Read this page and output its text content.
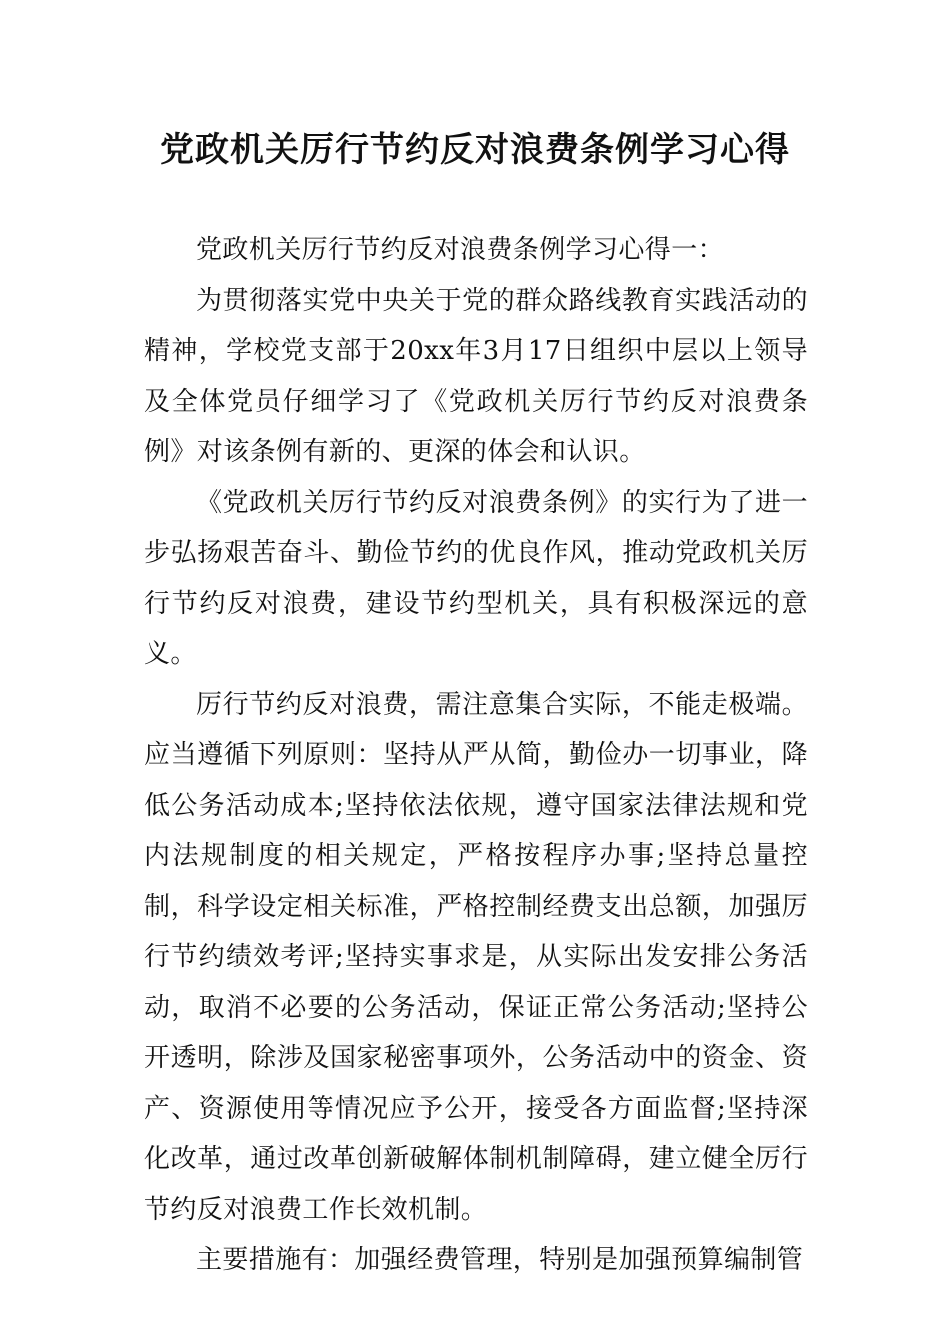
党政机关厉行节约反对浪费条例学习心得

党政机关厉行节约反对浪费条例学习心得一：

为贯彻落实党中央关于党的群众路线教育实践活动的精神，学校党支部于20xx年3月17日组织中层以上领导及全体党员仔细学习了《党政机关厉行节约反对浪费条例》对该条例有新的、更深的体会和认识。

《党政机关厉行节约反对浪费条例》的实行为了进一步弘扬艰苦奋斗、勤俭节约的优良作风，推动党政机关厉行节约反对浪费，建设节约型机关，具有积极深远的意义。

厉行节约反对浪费，需注意集合实际，不能走极端。应当遵循下列原则：坚持从严从简，勤俭办一切事业，降低公务活动成本;坚持依法依规，遵守国家法律法规和党内法规制度的相关规定，严格按程序办事;坚持总量控制，科学设定相关标准，严格控制经费支出总额，加强厉行节约绩效考评;坚持实事求是，从实际出发安排公务活动，取消不必要的公务活动，保证正常公务活动;坚持公开透明，除涉及国家秘密事项外，公务活动中的资金、资产、资源使用等情况应予公开，接受各方面监督;坚持深化改革，通过改革创新破解体制机制障碍，建立健全厉行节约反对浪费工作长效机制。

主要措施有：加强经费管理，特别是加强预算编制管
